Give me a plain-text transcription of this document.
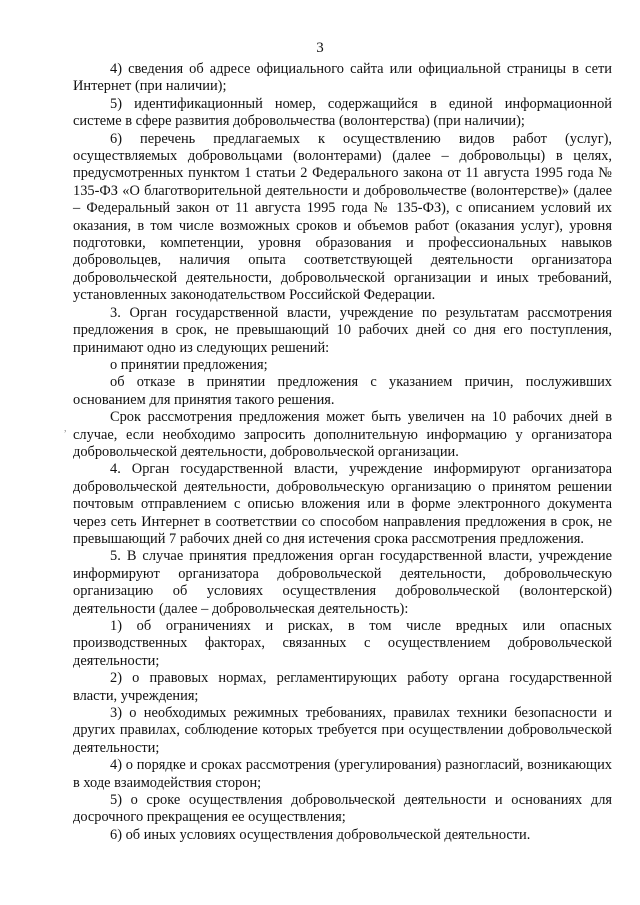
3
,

4) сведения об адресе официального сайта или официальной страницы в сети Интернет (при наличии);

5) идентификационный номер, содержащийся в единой информационной системе в сфере развития добровольчества (волонтерства) (при наличии);

6) перечень предлагаемых к осуществлению видов работ (услуг), осуществляемых добровольцами (волонтерами) (далее – добровольцы) в целях, предусмотренных пунктом 1 статьи 2 Федерального закона от 11 августа 1995 года № 135-ФЗ «О благотворительной деятельности и добровольчестве (волонтерстве)» (далее – Федеральный закон от 11 августа 1995 года № 135-ФЗ), с описанием условий их оказания, в том числе возможных сроков и объемов работ (оказания услуг), уровня подготовки, компетенции, уровня образования и профессиональных навыков добровольцев, наличия опыта соответствующей деятельности организатора добровольческой деятельности, добровольческой организации и иных требований, установленных законодательством Российской Федерации.

3. Орган государственной власти, учреждение по результатам рассмотрения предложения в срок, не превышающий 10 рабочих дней со дня его поступления, принимают одно из следующих решений:

о принятии предложения;

об отказе в принятии предложения с указанием причин, послуживших основанием для принятия такого решения.

Срок рассмотрения предложения может быть увеличен на 10 рабочих дней в случае, если необходимо запросить дополнительную информацию у организатора добровольческой деятельности, добровольческой организации.

4. Орган государственной власти, учреждение информируют организатора добровольческой деятельности, добровольческую организацию о принятом решении почтовым отправлением с описью вложения или в форме электронного документа через сеть Интернет в соответствии со способом направления предложения в срок, не превышающий 7 рабочих дней со дня истечения срока рассмотрения предложения.

5. В случае принятия предложения орган государственной власти, учреждение информируют организатора добровольческой деятельности, добровольческую организацию об условиях осуществления добровольческой (волонтерской) деятельности (далее – добровольческая деятельность):

1) об ограничениях и рисках, в том числе вредных или опасных производственных факторах, связанных с осуществлением добровольческой деятельности;

2) о правовых нормах, регламентирующих работу органа государственной власти, учреждения;

3) о необходимых режимных требованиях, правилах техники безопасности и других правилах, соблюдение которых требуется при осуществлении добровольческой деятельности;

4) о порядке и сроках рассмотрения (урегулирования) разногласий, возникающих в ходе взаимодействия сторон;

5) о сроке осуществления добровольческой деятельности и основаниях для досрочного прекращения ее осуществления;

6) об иных условиях осуществления добровольческой деятельности.
